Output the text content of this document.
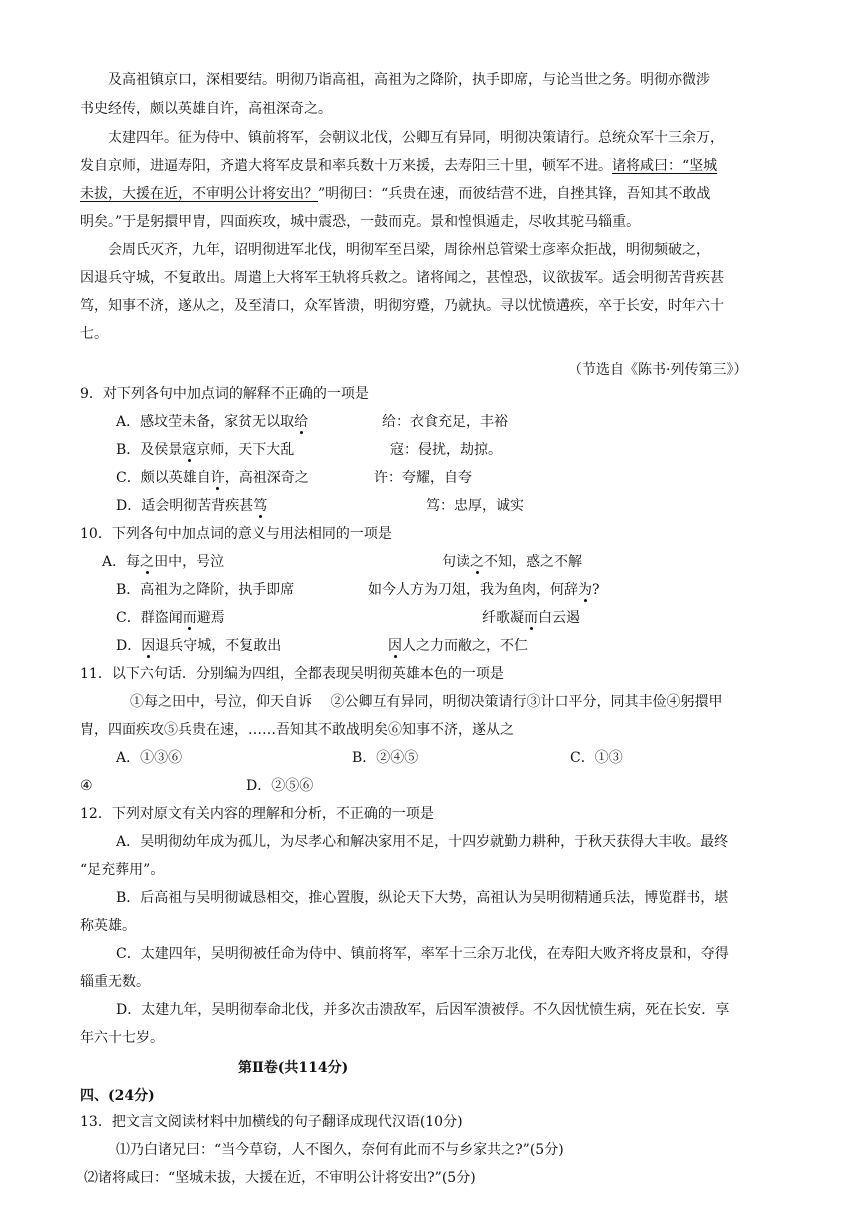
及高祖镇京口，深相要结。明彻乃诣高祖，高祖为之降阶，执手即席，与论当世之务。明彻亦微涉
书史经传，颇以英雄自许，高祖深奇之。
太建四年。征为侍中、镇前将军，会朝议北伐，公卿互有异同，明彻决策请行。总统众军十三余万，
发自京师，进逼寿阳，齐遣大将军皮景和率兵数十万来援，去寿阳三十里，顿军不进。诸将咸曰：“坚城
未拔，大援在近，不审明公计将安出？”明彻曰：“兵贵在速，而彼结营不进，自挫其锋，吾知其不敢战
明矣。”于是躬擐甲胄，四面疾攻，城中震恐，一鼓而克。景和惶惧遁走，尽收其驼马辎重。
会周氏灭齐，九年，诏明彻进军北伐，明彻军至吕梁，周徐州总管梁士彦率众拒战，明彻频破之，
因退兵守城，不复敢出。周遣上大将军王轨将兵救之。诸将闻之，甚惶恐，议欲拔军。适会明彻苦背疾甚
笃，知事不济，遂从之，及至清口，众军皆溃，明彻穷蹙，乃就执。寻以忧愤遘疾，卒于长安，时年六十
七。
（节选自《陈书·列传第三》）
9．对下列各句中加点词的解释不正确的一项是
A．感坟茔未备，家贫无以取给	给：衣食充足，丰裕
B．及侯景寇京师，天下大乱	寇：侵扰，劫掠。
C．颇以英雄自许，高祖深奇之	许：夸耀，自夸
D．适会明彻苦背疾甚笃	笃：忠厚，诚实
10．下列各句中加点词的意义与用法相同的一项是
A．每之田中，号泣	句读之不知，惑之不解
B．高祖为之降阶，执手即席	如今人方为刀俎，我为鱼肉，何辞为?
C．群盗闻而避焉	纤歌凝而白云遏
D．因退兵守城，不复敢出	因人之力而敝之，不仁
11．以下六句话．分别编为四组，全都表现吴明彻英雄本色的一项是
①每之田中，号泣，仰天自诉　 ②公卿互有异同，明彻决策请行③计口平分，同其丰俭④躬擐甲
胄，四面疾攻⑤兵贵在速，……吾知其不敢战明矣⑥知事不济，遂从之
A．①③⑥	B．②④⑤	C．①③
④	D．②⑤⑥
12．下列对原文有关内容的理解和分析，不正确的一项是
A．吴明彻幼年成为孤儿，为尽孝心和解决家用不足，十四岁就勤力耕种，于秋天获得大丰收。最终
“足充葬用”。
B．后高祖与吴明彻诚恳相交，推心置腹，纵论天下大势，高祖认为吴明彻精通兵法，博览群书，堪
称英雄。
C．太建四年，吴明彻被任命为侍中、镇前将军，率军十三余万北伐，在寿阳大败齐将皮景和，夺得
辎重无数。
D．太建九年，吴明彻奉命北伐，并多次击溃敌军，后因军溃被俘。不久因忧愤生病，死在长安．享
年六十七岁。
第Ⅱ卷(共114分)
四、(24分)
13．把文言文阅读材料中加横线的句子翻译成现代汉语(10分)
⑴乃白诸兄曰：“当今草窃，人不图久，奈何有此而不与乡家共之?”(5分)
⑵诸将咸曰：“坚城未拔，大援在近，不审明公计将安出?”(5分)
